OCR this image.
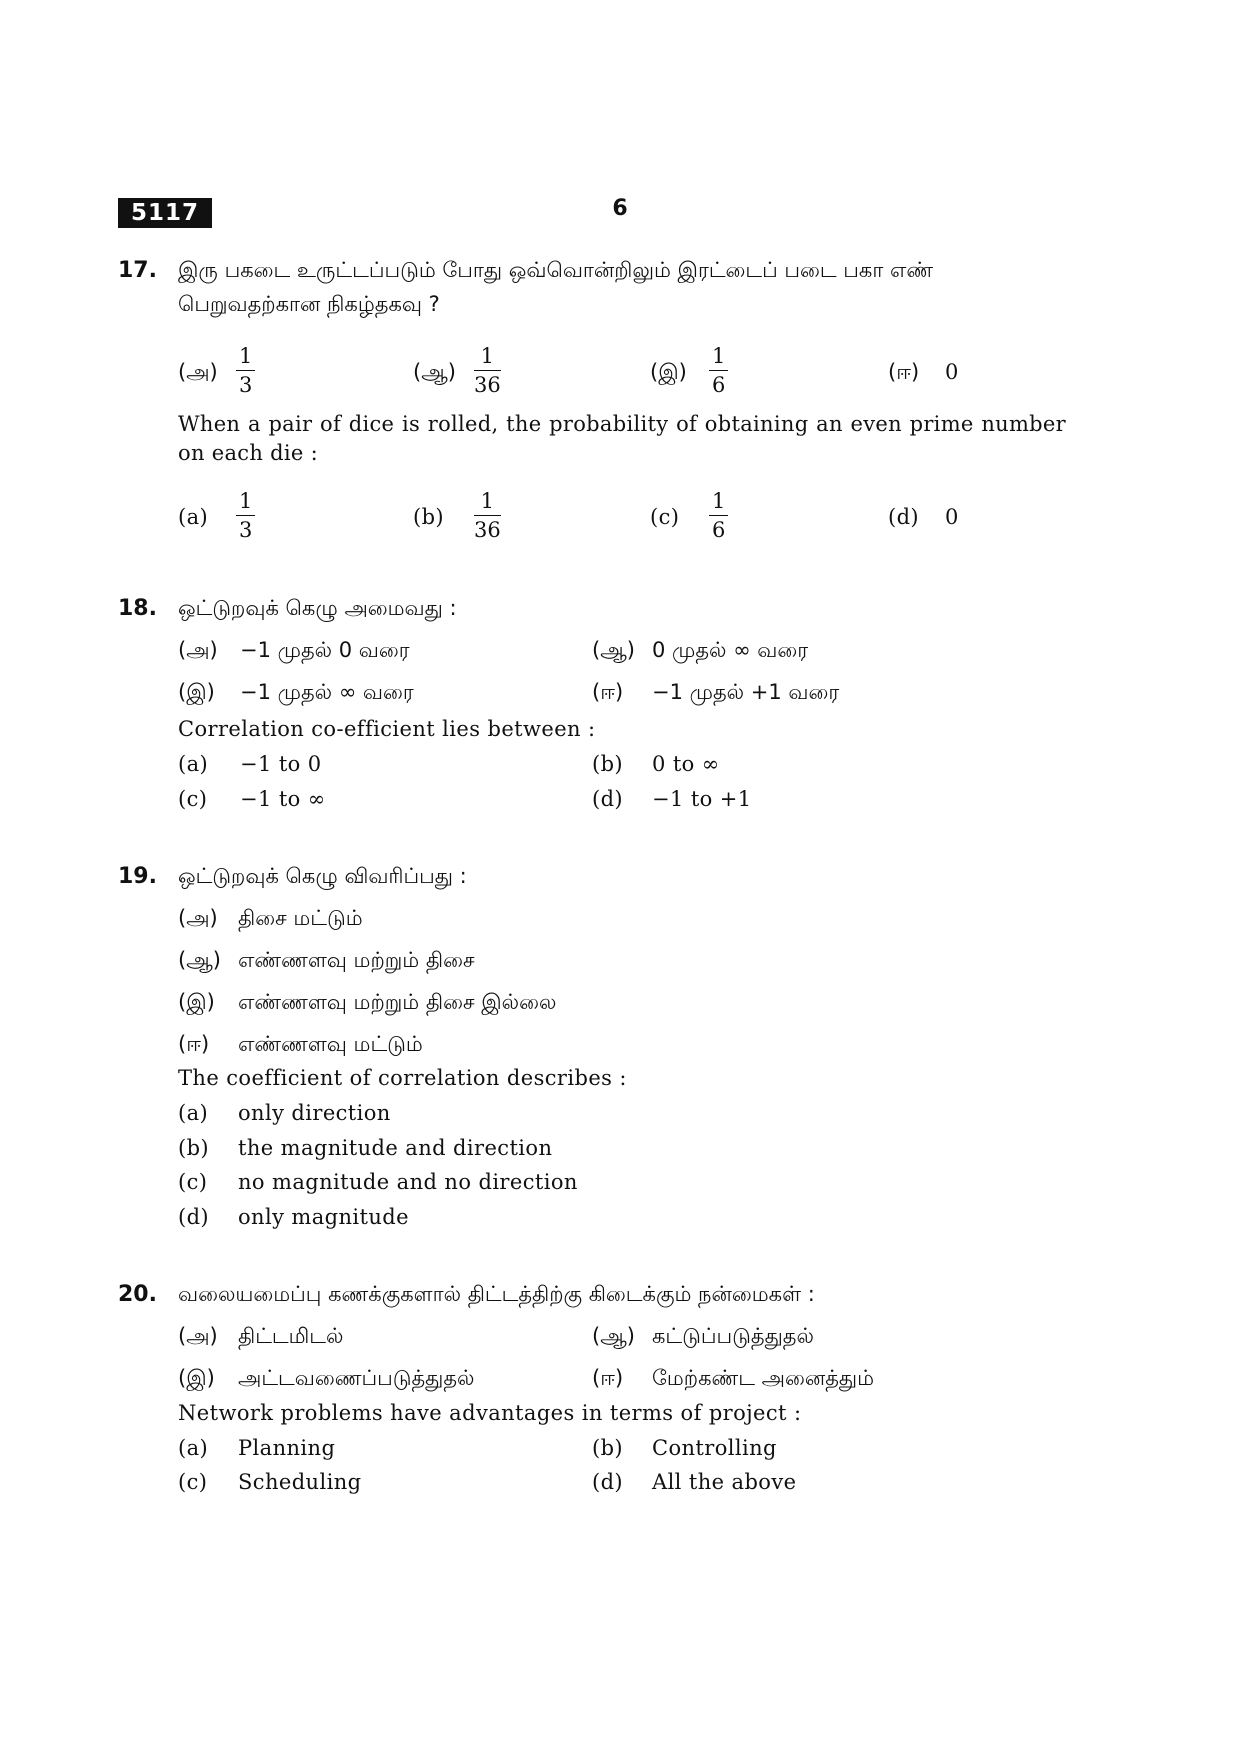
5117	6
17. இரு பகடை உருட்டப்படும் போது ஒவ்வொன்றிலும் இரட்டைப் படை பகா எண்
பெறுவதற்கான நிகழ்தகவு ?
(அ) $\frac{1}{3}$	(ஆ) $\frac{1}{36}$	(இ) $\frac{1}{6}$	(ஈ) 0
When a pair of dice is rolled, the probability of obtaining an even prime number on each die :
$(a) \frac{1}{3}$	$(b) \frac{1}{36}$	$(c) \frac{1}{6}$	(d) 0
18. ஒட்டுறவுக் கெழு அமைவது :
(அ) −1 முதல் 0 வரை	(ஆ) 0 முதல் ∞ வரை
(இ) −1 முதல் ∞ வரை	(ஈ) −1 முதல் +1 வரை
Correlation co-efficient lies between :
(a) −1 to 0	(b) 0 to ∞
(c) −1 to ∞	(d) −1 to +1
19. ஒட்டுறவுக் கெழு விவரிப்பது :
(அ) திசை மட்டும்
(ஆ) எண்ணளவு மற்றும் திசை
(இ) எண்ணளவு மற்றும் திசை இல்லை
(ஈ) எண்ணளவு மட்டும்
The coefficient of correlation describes :
(a) only direction
(b) the magnitude and direction
(c) no magnitude and no direction
(d) only magnitude
20. வலையமைப்பு கணக்குகளால் திட்டத்திற்கு கிடைக்கும் நன்மைகள் :
(அ) திட்டமிடல்	(ஆ) கட்டுப்படுத்துதல்
(இ) அட்டவணைப்படுத்துதல்	(ஈ) மேற்கண்ட அனைத்தும்
Network problems have advantages in terms of project :
(a) Planning	(b) Controlling
(c) Scheduling	(d) All the above
